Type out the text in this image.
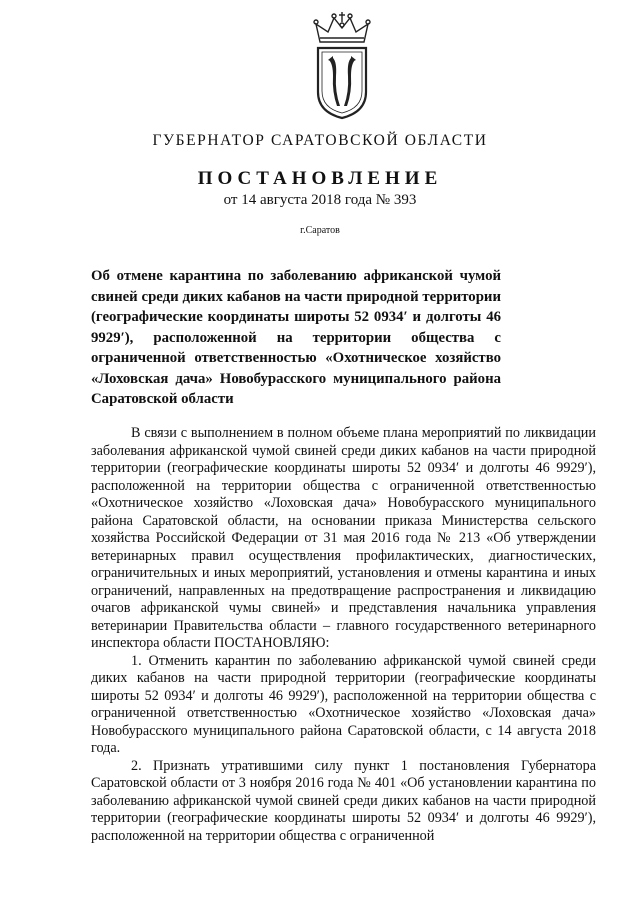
ГУБЕРНАТОР САРАТОВСКОЙ ОБЛАСТИ

ПОСТАНОВЛЕНИЕ

от 14 августа 2018 года № 393

г.Саратов

Об отмене карантина по заболеванию африканской чумой свиней среди диких кабанов на части природной территории (географические координаты широты 52 0934′ и долготы 46 9929′), расположенной на территории общества с ограниченной ответственностью «Охотническое хозяйство «Лоховская дача» Новобурасского муниципального района Саратовской области

В связи с выполнением в полном объеме плана мероприятий по ликвидации заболевания африканской чумой свиней среди диких кабанов на части природной территории (географические координаты широты 52 0934′ и долготы 46 9929′), расположенной на территории общества с ограниченной ответственностью «Охотническое хозяйство «Лоховская дача» Новобурасского муниципального района Саратовской области, на основании приказа Министерства сельского хозяйства Российской Федерации от 31 мая 2016 года № 213 «Об утверждении ветеринарных правил осуществления профилактических, диагностических, ограничительных и иных мероприятий, установления и отмены карантина и иных ограничений, направленных на предотвращение распространения и ликвидацию очагов африканской чумы свиней» и представления начальника управления ветеринарии Правительства области – главного государственного ветеринарного инспектора области ПОСТАНОВЛЯЮ:

1. Отменить карантин по заболеванию африканской чумой свиней среди диких кабанов на части природной территории (географические координаты широты 52 0934′ и долготы 46 9929′), расположенной на территории общества с ограниченной ответственностью «Охотническое хозяйство «Лоховская дача» Новобурасского муниципального района Саратовской области, с 14 августа 2018 года.

2. Признать утратившими силу пункт 1 постановления Губернатора Саратовской области от 3 ноября 2016 года № 401 «Об установлении карантина по заболеванию африканской чумой свиней среди диких кабанов на части природной территории (географические координаты широты 52 0934′ и долготы 46 9929′), расположенной на территории общества с ограниченной
